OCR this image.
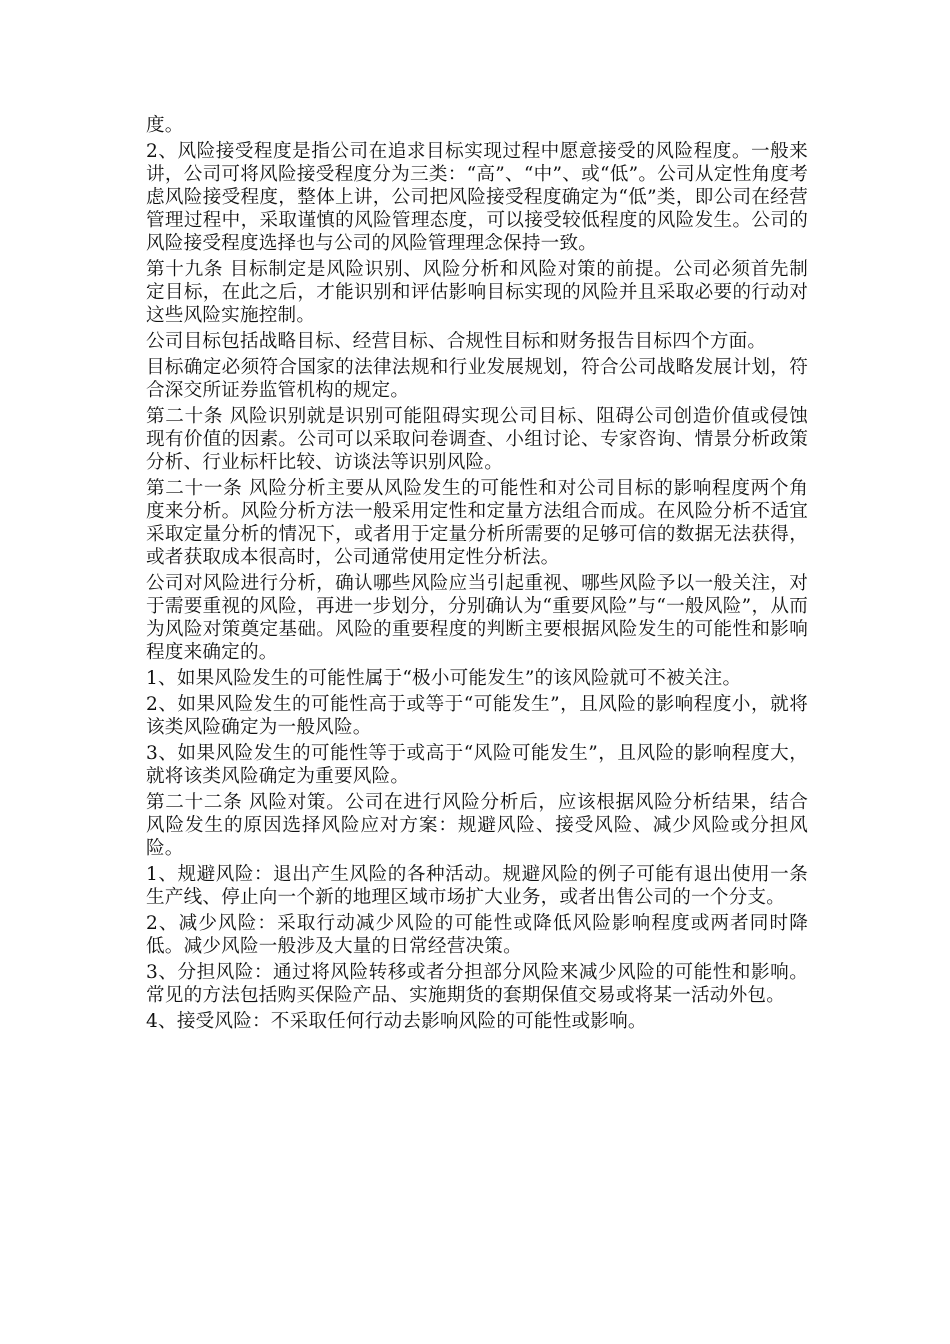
度。

2、风险接受程度是指公司在追求目标实现过程中愿意接受的风险程度。一般来讲，公司可将风险接受程度分为三类：“高”、“中”、或“低”。公司从定性角度考虑风险接受程度，整体上讲，公司把风险接受程度确定为“低”类，即公司在经营管理过程中，采取谨慎的风险管理态度，可以接受较低程度的风险发生。公司的风险接受程度选择也与公司的风险管理理念保持一致。

第十九条 目标制定是风险识别、风险分析和风险对策的前提。公司必须首先制定目标，在此之后，才能识别和评估影响目标实现的风险并且采取必要的行动对这些风险实施控制。

公司目标包括战略目标、经营目标、合规性目标和财务报告目标四个方面。

目标确定必须符合国家的法律法规和行业发展规划，符合公司战略发展计划，符合深交所证券监管机构的规定。

第二十条 风险识别就是识别可能阻碍实现公司目标、阻碍公司创造价值或侵蚀现有价值的因素。公司可以采取问卷调查、小组讨论、专家咨询、情景分析政策分析、行业标杆比较、访谈法等识别风险。

第二十一条 风险分析主要从风险发生的可能性和对公司目标的影响程度两个角度来分析。风险分析方法一般采用定性和定量方法组合而成。在风险分析不适宜采取定量分析的情况下，或者用于定量分析所需要的足够可信的数据无法获得，或者获取成本很高时，公司通常使用定性分析法。

公司对风险进行分析，确认哪些风险应当引起重视、哪些风险予以一般关注，对于需要重视的风险，再进一步划分，分别确认为“重要风险”与“一般风险”，从而为风险对策奠定基础。风险的重要程度的判断主要根据风险发生的可能性和影响程度来确定的。

1、如果风险发生的可能性属于“极小可能发生”的该风险就可不被关注。

2、如果风险发生的可能性高于或等于“可能发生”，且风险的影响程度小，就将该类风险确定为一般风险。

3、如果风险发生的可能性等于或高于“风险可能发生”，且风险的影响程度大，就将该类风险确定为重要风险。

第二十二条 风险对策。公司在进行风险分析后，应该根据风险分析结果，结合风险发生的原因选择风险应对方案：规避风险、接受风险、减少风险或分担风险。

1、规避风险：退出产生风险的各种活动。规避风险的例子可能有退出使用一条生产线、停止向一个新的地理区域市场扩大业务，或者出售公司的一个分支。

2、减少风险：采取行动减少风险的可能性或降低风险影响程度或两者同时降低。减少风险一般涉及大量的日常经营决策。

3、分担风险：通过将风险转移或者分担部分风险来减少风险的可能性和影响。常见的方法包括购买保险产品、实施期货的套期保值交易或将某一活动外包。

4、接受风险：不采取任何行动去影响风险的可能性或影响。
